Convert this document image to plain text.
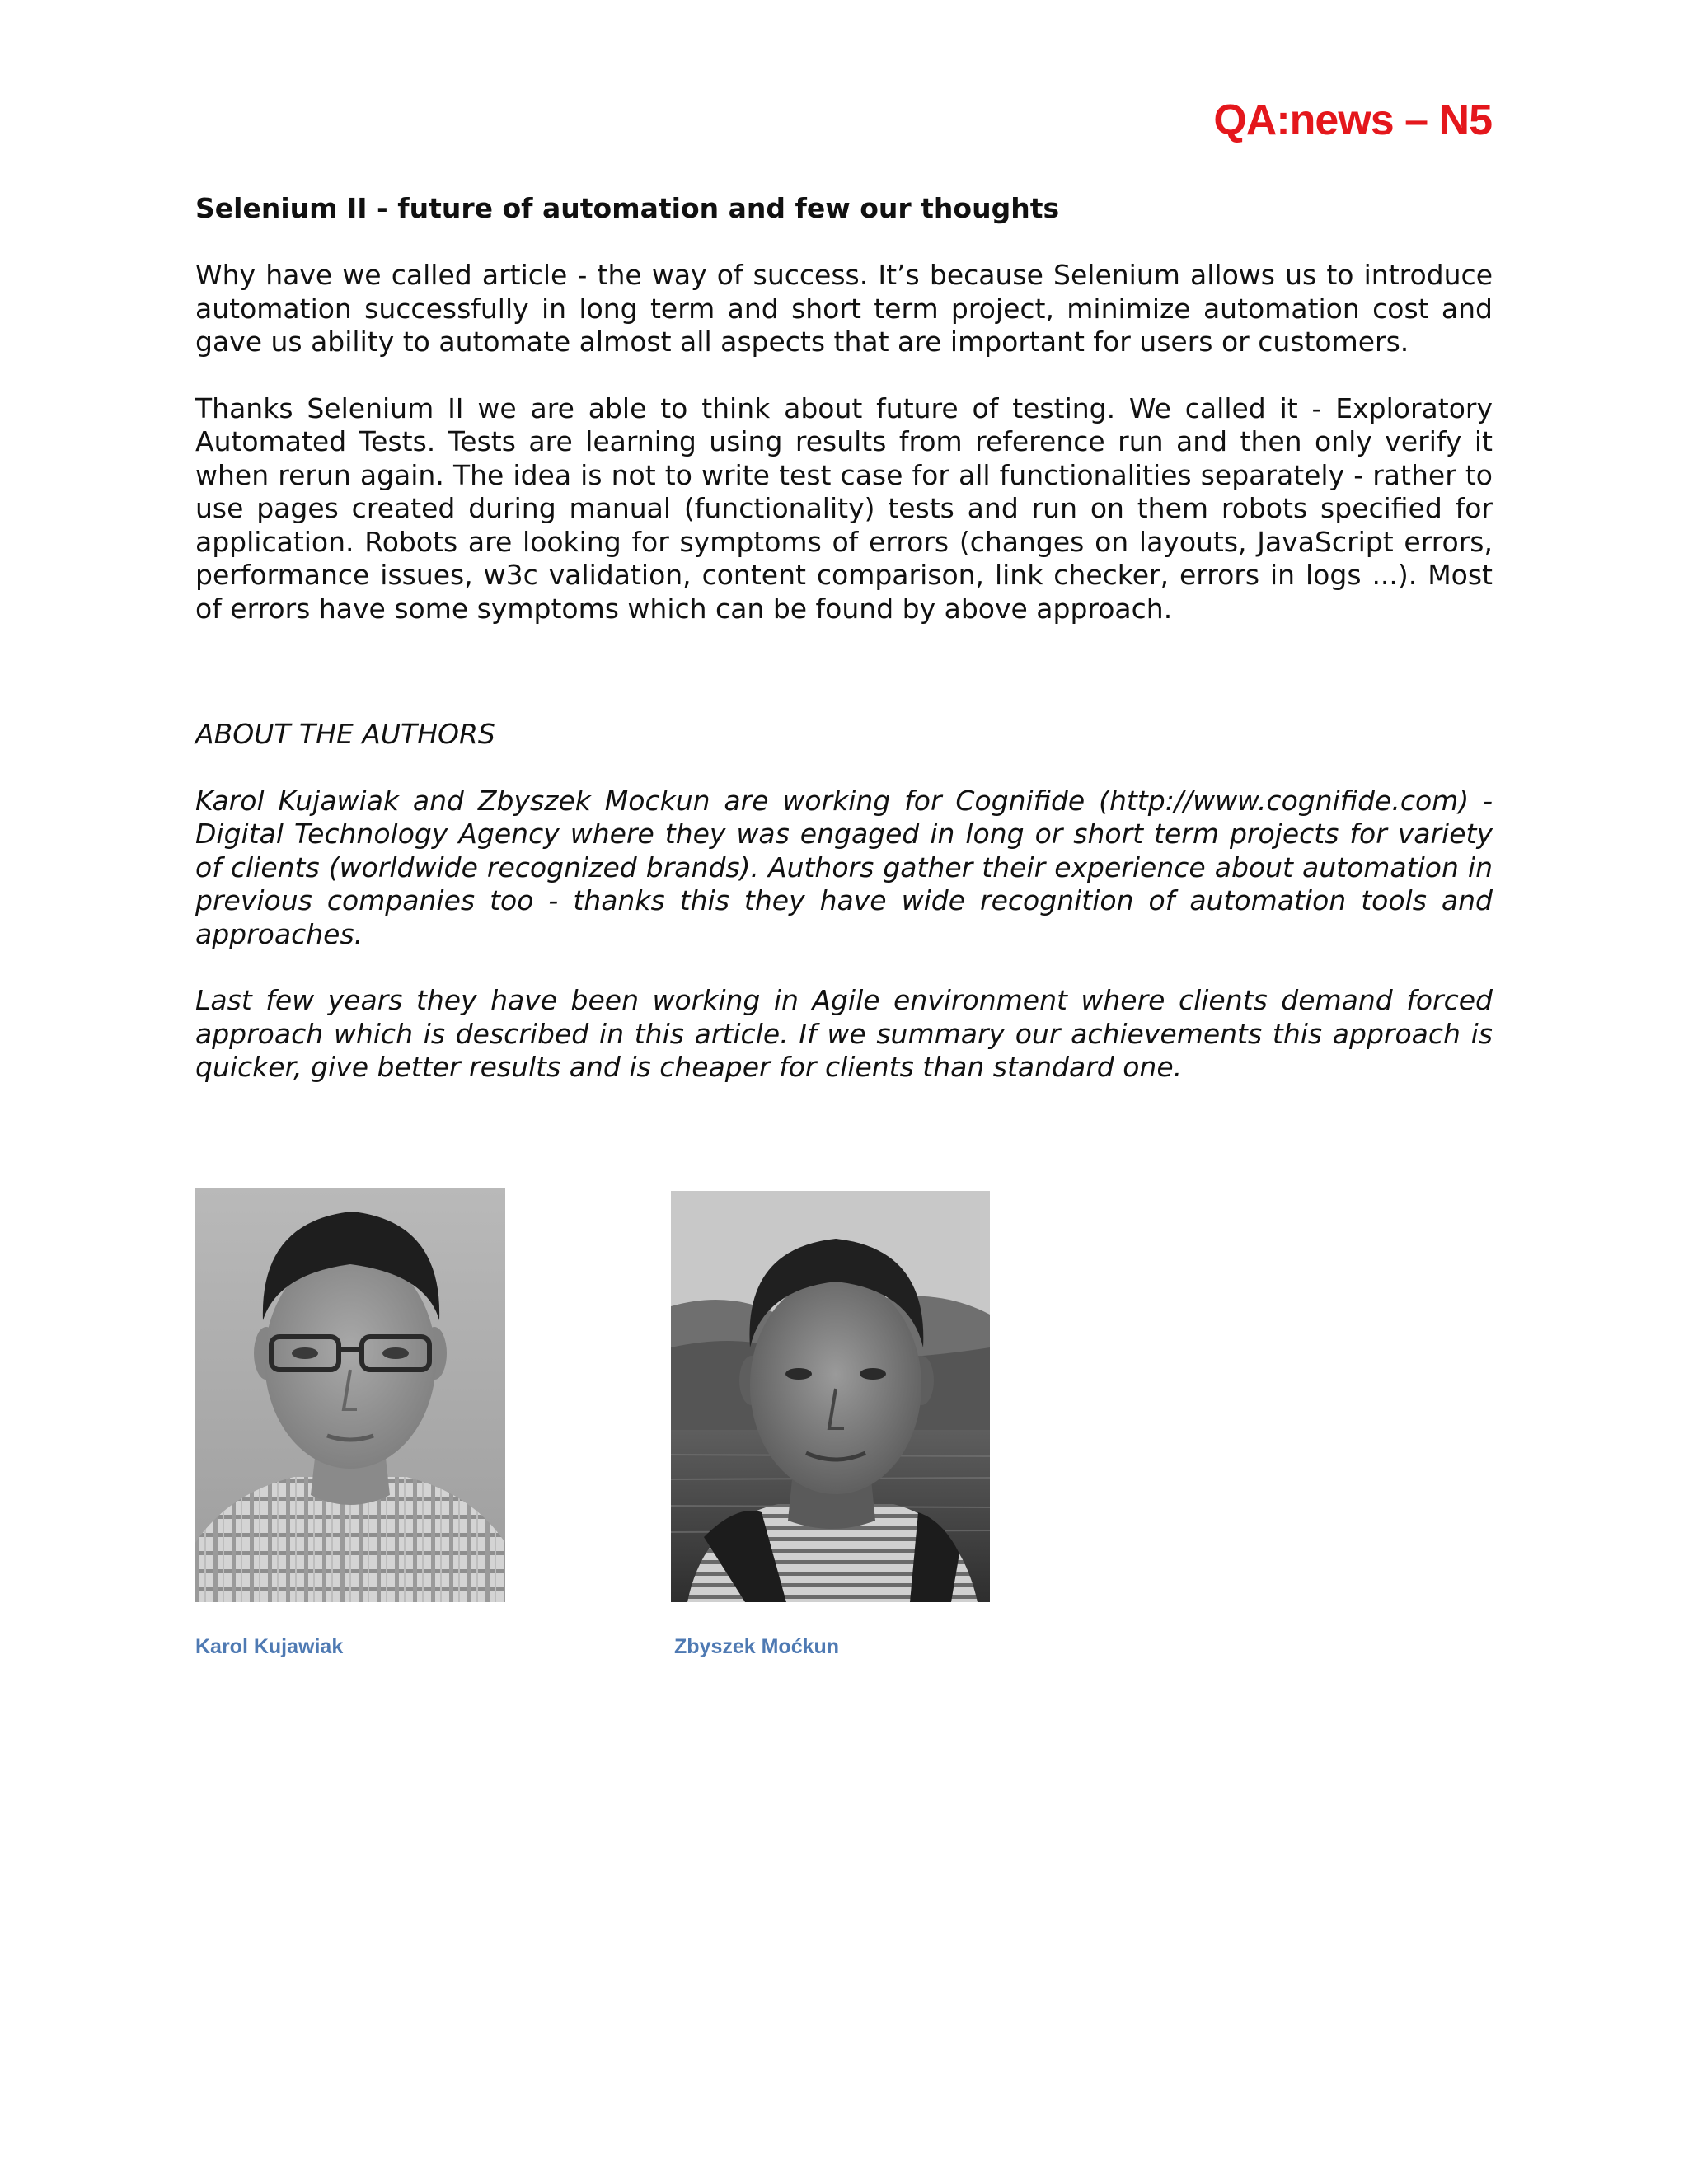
QA:news – N5
Selenium II - future of automation and few our thoughts

Why have we called article - the way of success. It’s because Selenium allows us to introduce automation successfully in long term and short term project, minimize automation cost and gave us ability to automate almost all aspects that are important for users or customers.

Thanks Selenium II we are able to think about future of testing. We called it - Exploratory Automated Tests. Tests are learning using results from reference run and then only verify it when rerun again. The idea is not to write test case for all functionalities separately - rather to use pages created during manual (functionality) tests and run on them robots specified for application. Robots are looking for symptoms of errors (changes on layouts, JavaScript errors, performance issues, w3c validation, content comparison, link checker, errors in logs ...). Most of errors have some symptoms which can be found by above approach.

ABOUT THE AUTHORS

Karol Kujawiak and Zbyszek Mockun are working for Cognifide (http://www.cognifide.com) - Digital Technology Agency where they was engaged in long or short term projects for variety of clients (worldwide recognized brands). Authors gather their experience about automation in previous companies too - thanks this they have wide recognition of automation tools and approaches.

Last few years they have been working in Agile environment where clients demand forced approach which is described in this article. If we summary our achievements this approach is quicker, give better results and is cheaper for clients than standard one.

Karol Kujawiak	Zbyszek Moćkun
